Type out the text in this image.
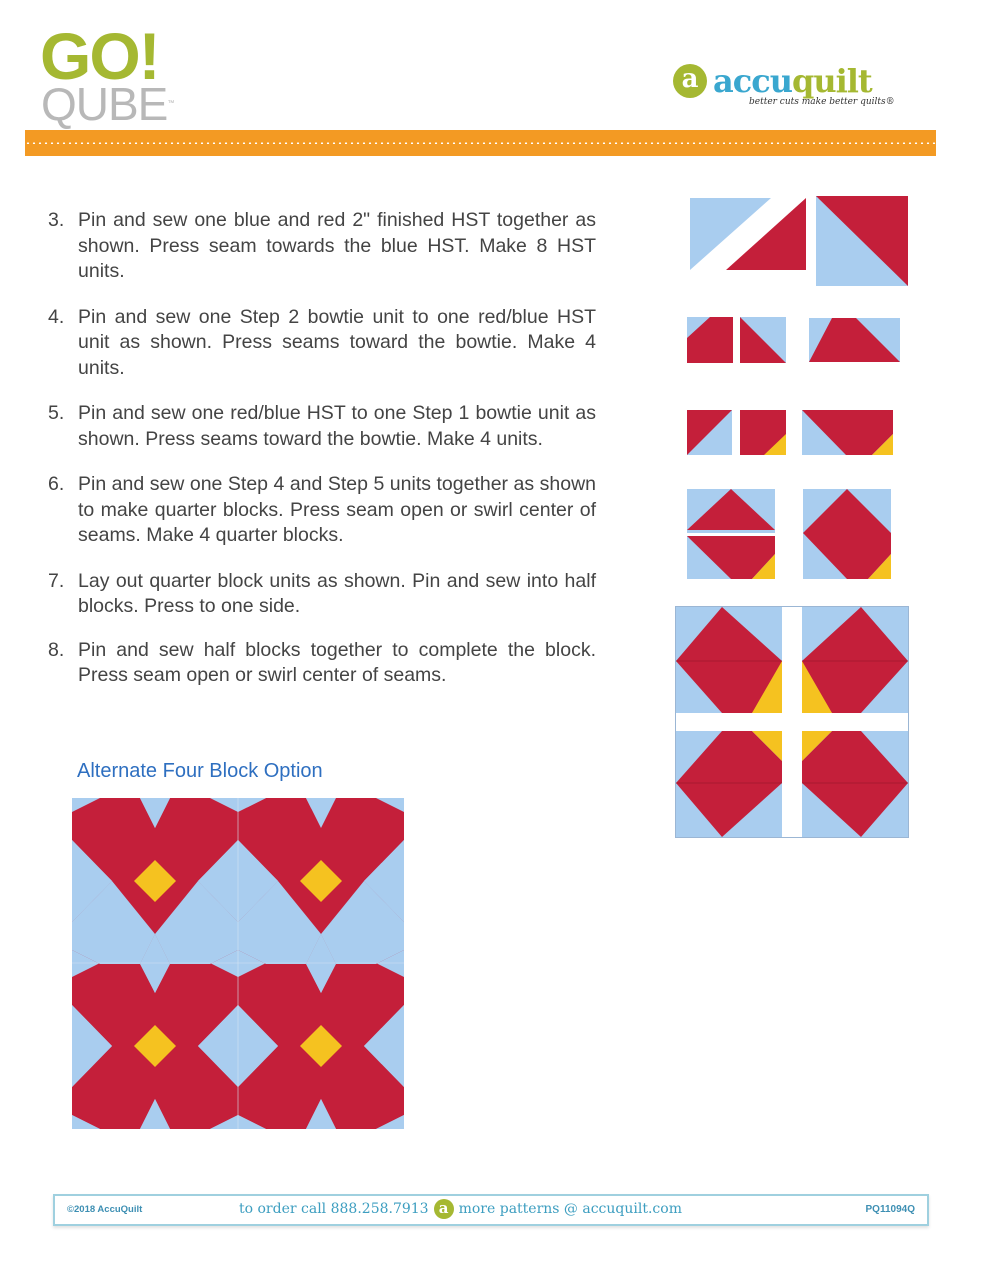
GO!
QUBE™
a accuquilt
better cuts make better quilts®
3. Pin and sew one blue and red 2" finished HST together as shown. Press seam towards the blue HST. Make 8 HST units.
4. Pin and sew one Step 2 bowtie unit to one red/blue HST unit as shown. Press seams toward the bowtie. Make 4 units.
5. Pin and sew one red/blue HST to one Step 1 bowtie unit as shown. Press seams toward the bowtie. Make 4 units.
6. Pin and sew one Step 4 and Step 5 units together as shown to make quarter blocks. Press seam open or swirl center of seams. Make 4 quarter blocks.
7. Lay out quarter block units as shown. Pin and sew into half blocks. Press to one side.
8. Pin and sew half blocks together to complete the block. Press seam open or swirl center of seams.
Alternate Four Block Option
©2018 AccuQuilt	to order call 888.258.7913 a more patterns @ accuquilt.com	PQ11094Q
